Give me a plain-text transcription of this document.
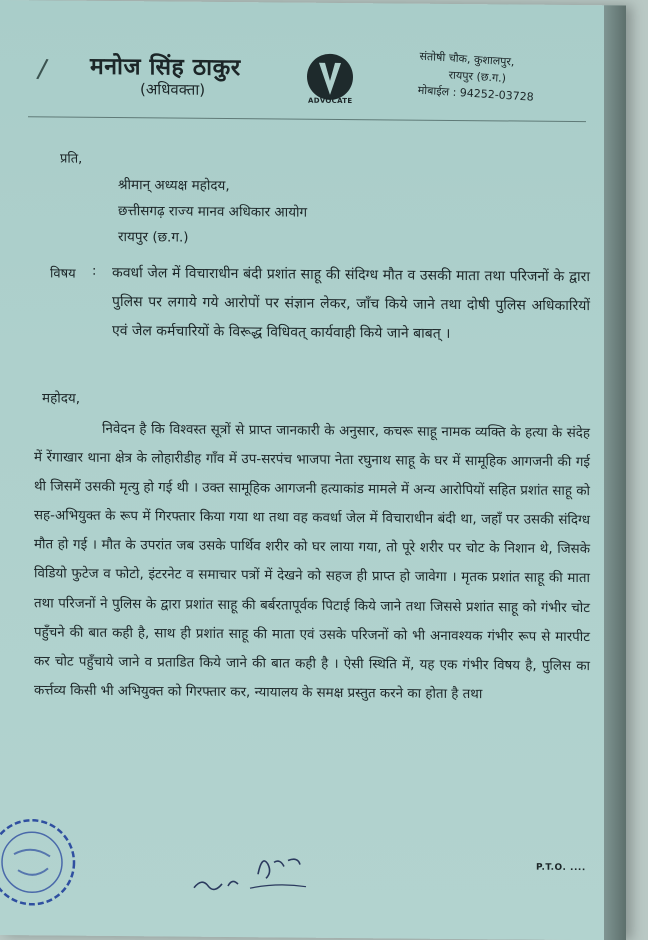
/ मनोज सिंह ठाकुर
(अधिवक्ता)
ADVOCATE
संतोषी चौक, कुशालपुर,
रायपुर (छ.ग.)
मोबाईल : 94252-03728
प्रति,
श्रीमान् अध्यक्ष महोदय,
छत्तीसगढ़ राज्य मानव अधिकार आयोग
रायपुर (छ.ग.)
विषय : कवर्धा जेल में विचाराधीन बंदी प्रशांत साहू की संदिग्ध मौत व उसकी माता तथा परिजनों के द्वारा पुलिस पर लगाये गये आरोपों पर संज्ञान लेकर, जाँच किये जाने तथा दोषी पुलिस अधिकारियों एवं जेल कर्मचारियों के विरूद्ध विधिवत् कार्यवाही किये जाने बाबत् ।
महोदय,
निवेदन है कि विश्वस्त सूत्रों से प्राप्त जानकारी के अनुसार, कचरू साहू नामक व्यक्ति के हत्या के संदेह में रेंगाखार थाना क्षेत्र के लोहारीडीह गाँव में उप-सरपंच भाजपा नेता रघुनाथ साहू के घर में सामूहिक आगजनी की गई थी जिसमें उसकी मृत्यु हो गई थी । उक्त सामूहिक आगजनी हत्याकांड मामले में अन्य आरोपियों सहित प्रशांत साहू को सह-अभियुक्त के रूप में गिरफ्तार किया गया था तथा वह कवर्धा जेल में विचाराधीन बंदी था, जहाँ पर उसकी संदिग्ध मौत हो गई । मौत के उपरांत जब उसके पार्थिव शरीर को घर लाया गया, तो पूरे शरीर पर चोट के निशान थे, जिसके विडियो फुटेज व फोटो, इंटरनेट व समाचार पत्रों में देखने को सहज ही प्राप्त हो जावेगा । मृतक प्रशांत साहू की माता तथा परिजनों ने पुलिस के द्वारा प्रशांत साहू की बर्बरतापूर्वक पिटाई किये जाने तथा जिससे प्रशांत साहू को गंभीर चोट पहुँचने की बात कही है, साथ ही प्रशांत साहू की माता एवं उसके परिजनों को भी अनावश्यक गंभीर रूप से मारपीट कर चोट पहुँचाये जाने व प्रताडित किये जाने की बात कही है । ऐसी स्थिति में, यह एक गंभीर विषय है, पुलिस का कर्त्तव्य किसी भी अभियुक्त को गिरफ्तार कर, न्यायालय के समक्ष प्रस्तुत करने का होता है तथा
P.T.O. ....
